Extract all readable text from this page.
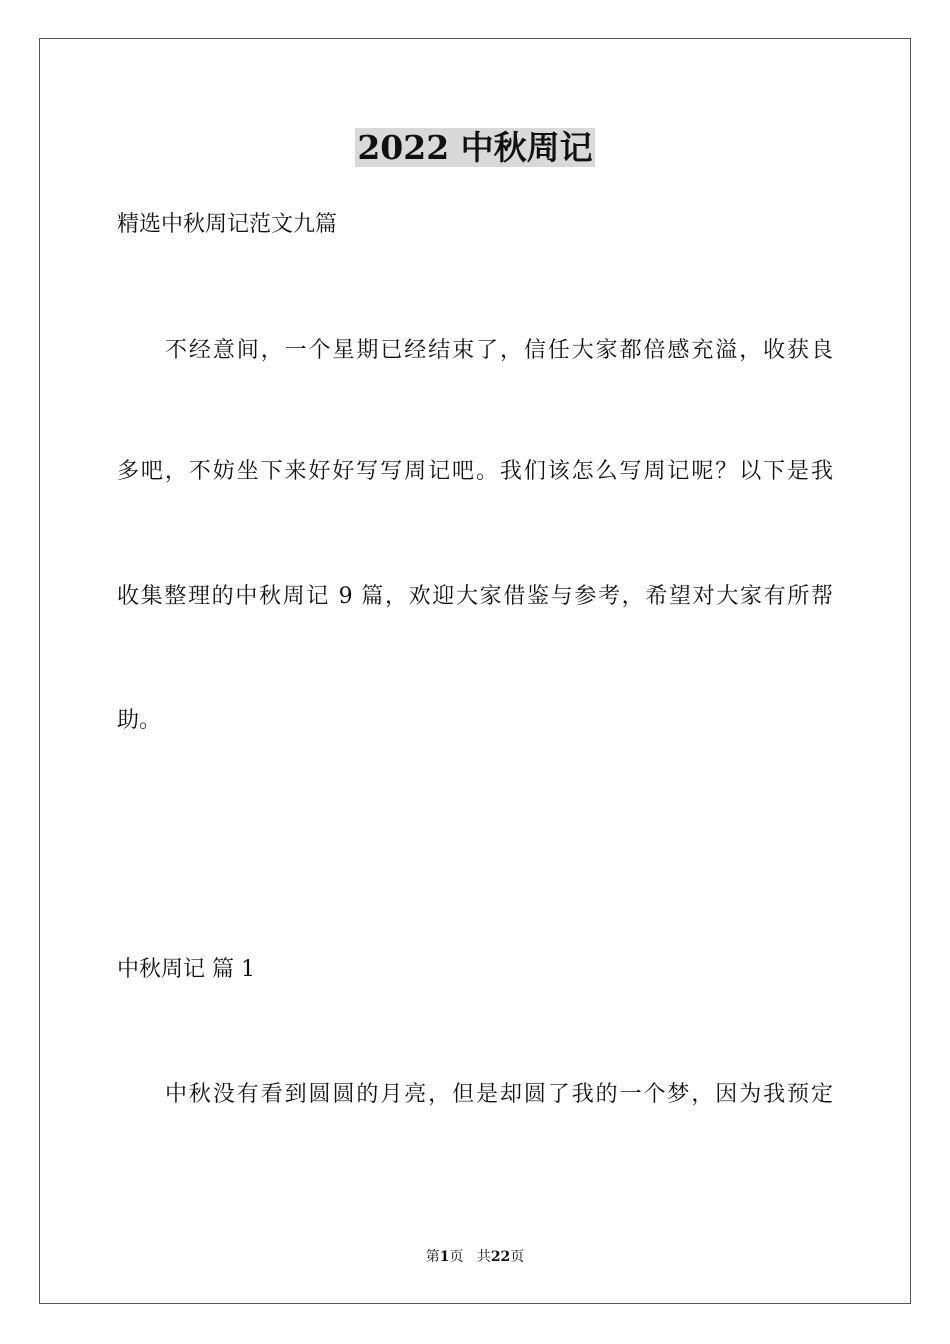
2022 中秋周记
精选中秋周记范文九篇
不经意间，一个星期已经结束了，信任大家都倍感充溢，收获良
多吧，不妨坐下来好好写写周记吧。我们该怎么写周记呢？以下是我
收集整理的中秋周记 9 篇，欢迎大家借鉴与参考，希望对大家有所帮
助。
中秋周记 篇 1
中秋没有看到圆圆的月亮，但是却圆了我的一个梦，因为我预定
第1页 共22页
